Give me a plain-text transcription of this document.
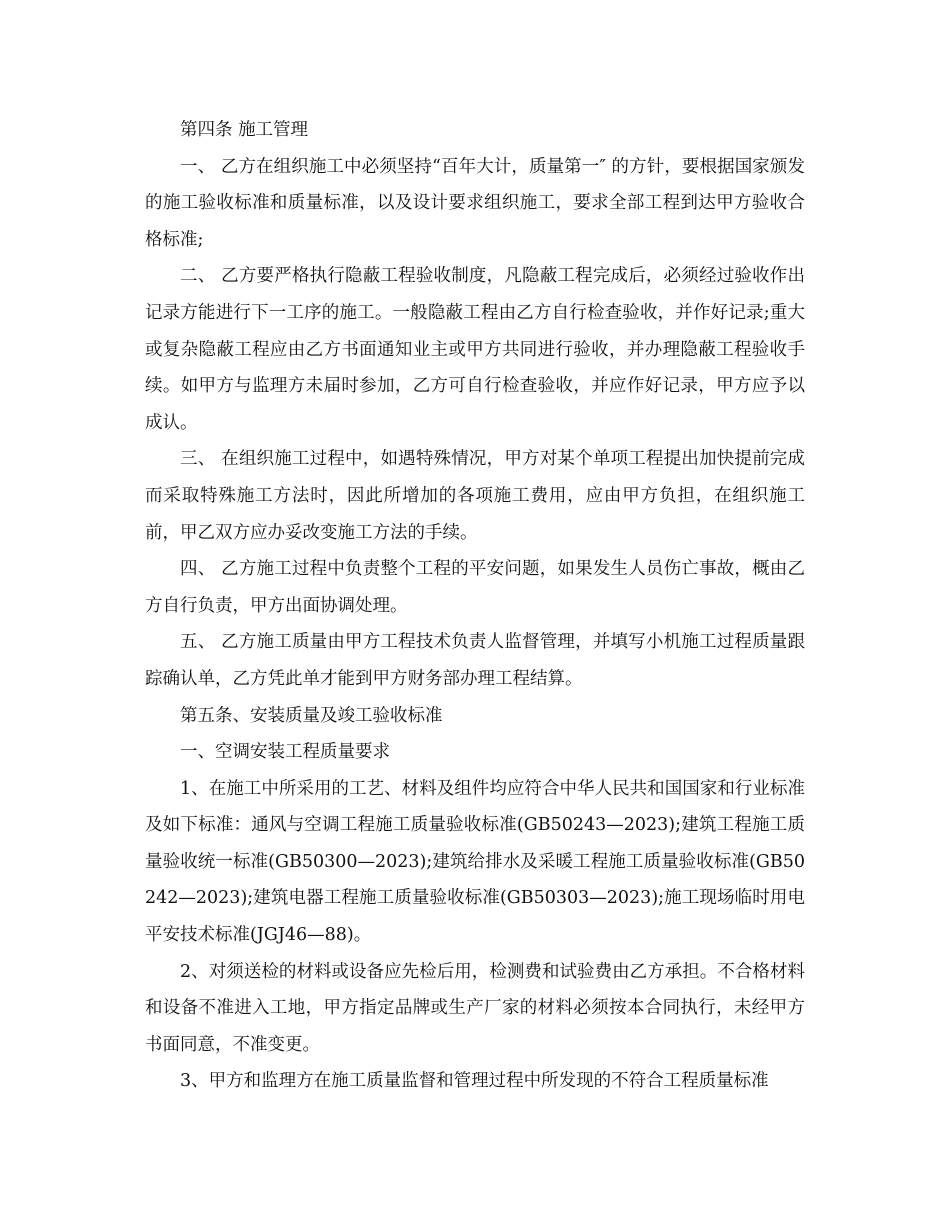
第四条 施工管理

一、 乙方在组织施工中必须坚持“百年大计，质量第一″ 的方针，要根据国家颁发的施工验收标准和质量标准，以及设计要求组织施工，要求全部工程到达甲方验收合格标准;

二、 乙方要严格执行隐蔽工程验收制度，凡隐蔽工程完成后，必须经过验收作出记录方能进行下一工序的施工。一般隐蔽工程由乙方自行检查验收，并作好记录;重大或复杂隐蔽工程应由乙方书面通知业主或甲方共同进行验收，并办理隐蔽工程验收手续。如甲方与监理方未届时参加，乙方可自行检查验收，并应作好记录，甲方应予以成认。

三、 在组织施工过程中，如遇特殊情况，甲方对某个单项工程提出加快提前完成而采取特殊施工方法时，因此所增加的各项施工费用，应由甲方负担，在组织施工前，甲乙双方应办妥改变施工方法的手续。

四、 乙方施工过程中负责整个工程的平安问题，如果发生人员伤亡事故，概由乙方自行负责，甲方出面协调处理。

五、 乙方施工质量由甲方工程技术负责人监督管理，并填写小机施工过程质量跟踪确认单，乙方凭此单才能到甲方财务部办理工程结算。

第五条、安装质量及竣工验收标准

一、空调安装工程质量要求

1、在施工中所采用的工艺、材料及组件均应符合中华人民共和国国家和行业标准及如下标准：通风与空调工程施工质量验收标准(GB50243—2023);建筑工程施工质量验收统一标准(GB50300—2023);建筑给排水及采暖工程施工质量验收标准(GB50242—2023);建筑电器工程施工质量验收标准(GB50303—2023);施工现场临时用电平安技术标准(JGJ46—88)。

2、对须送检的材料或设备应先检后用，检测费和试验费由乙方承担。不合格材料和设备不准进入工地，甲方指定品牌或生产厂家的材料必须按本合同执行，未经甲方书面同意，不准变更。

3、甲方和监理方在施工质量监督和管理过程中所发现的不符合工程质量标准
